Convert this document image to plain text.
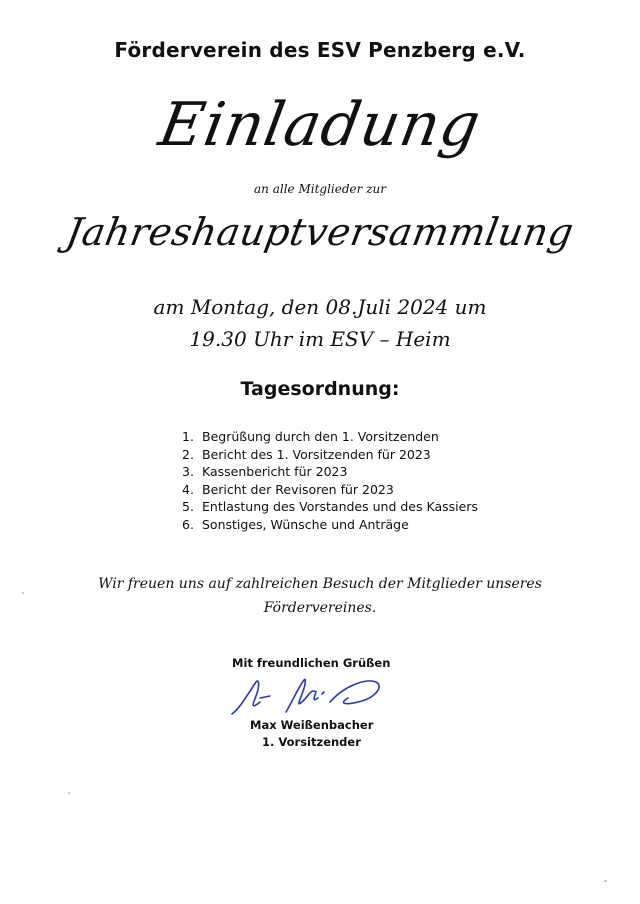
Förderverein des ESV Penzberg e.V.
Einladung
an alle Mitglieder zur
Jahreshauptversammlung
am Montag, den 08.Juli 2024 um
19.30 Uhr im ESV – Heim
Tagesordnung:
1. Begrüßung durch den 1. Vorsitzenden
2. Bericht des 1. Vorsitzenden für 2023
3. Kassenbericht für 2023
4. Bericht der Revisoren für 2023
5. Entlastung des Vorstandes und des Kassiers
6. Sonstiges, Wünsche und Anträge
Wir freuen uns auf zahlreichen Besuch der Mitglieder unseres
Fördervereines.
Mit freundlichen Grüßen
Max Weißenbacher
1. Vorsitzender
